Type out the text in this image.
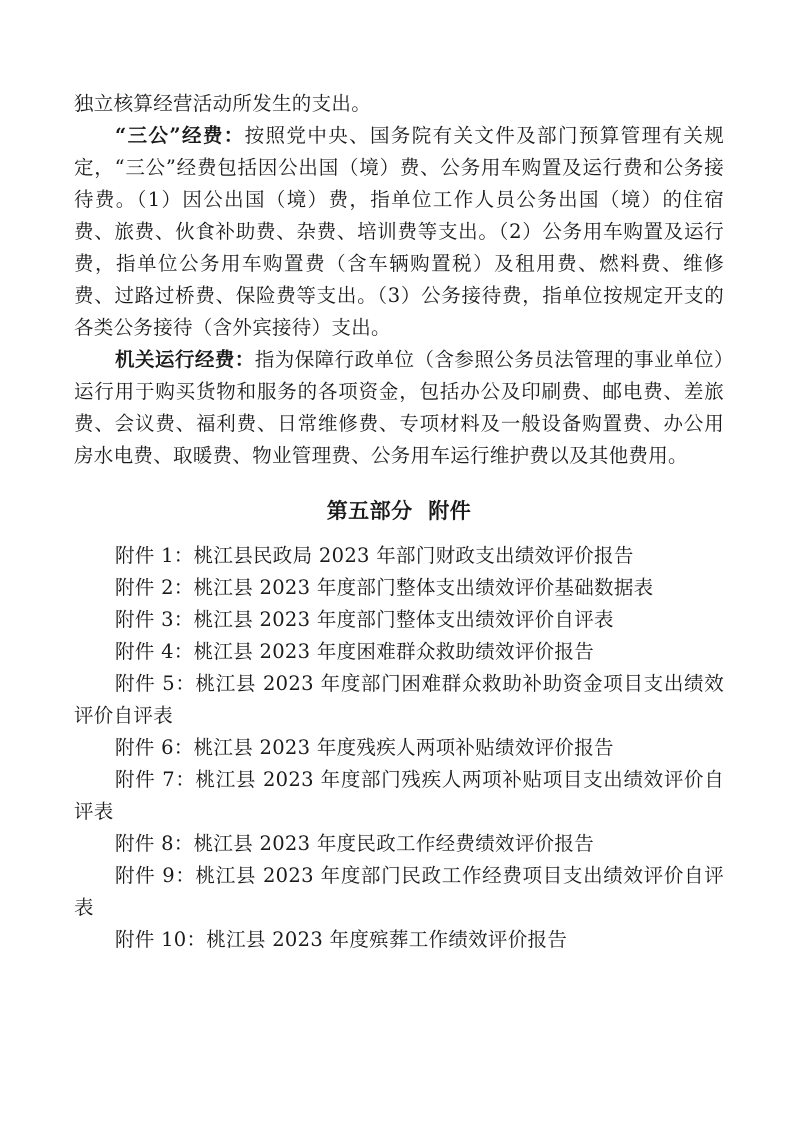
独立核算经营活动所发生的支出。

“三公”经费：按照党中央、国务院有关文件及部门预算管理有关规定，“三公”经费包括因公出国（境）费、公务用车购置及运行费和公务接待费。（1）因公出国（境）费，指单位工作人员公务出国（境）的住宿费、旅费、伙食补助费、杂费、培训费等支出。（2）公务用车购置及运行费，指单位公务用车购置费（含车辆购置税）及租用费、燃料费、维修费、过路过桥费、保险费等支出。（3）公务接待费，指单位按规定开支的各类公务接待（含外宾接待）支出。

机关运行经费：指为保障行政单位（含参照公务员法管理的事业单位）运行用于购买货物和服务的各项资金，包括办公及印刷费、邮电费、差旅费、会议费、福利费、日常维修费、专项材料及一般设备购置费、办公用房水电费、取暖费、物业管理费、公务用车运行维护费以及其他费用。

第五部分  附件

附件 1：桃江县民政局 2023 年部门财政支出绩效评价报告

附件 2：桃江县 2023 年度部门整体支出绩效评价基础数据表

附件 3：桃江县 2023 年度部门整体支出绩效评价自评表

附件 4：桃江县 2023 年度困难群众救助绩效评价报告

附件 5：桃江县 2023 年度部门困难群众救助补助资金项目支出绩效评价自评表

附件 6：桃江县 2023 年度残疾人两项补贴绩效评价报告

附件 7：桃江县 2023 年度部门残疾人两项补贴项目支出绩效评价自评表

附件 8：桃江县 2023 年度民政工作经费绩效评价报告

附件 9：桃江县 2023 年度部门民政工作经费项目支出绩效评价自评表

附件 10：桃江县 2023 年度殡葬工作绩效评价报告
